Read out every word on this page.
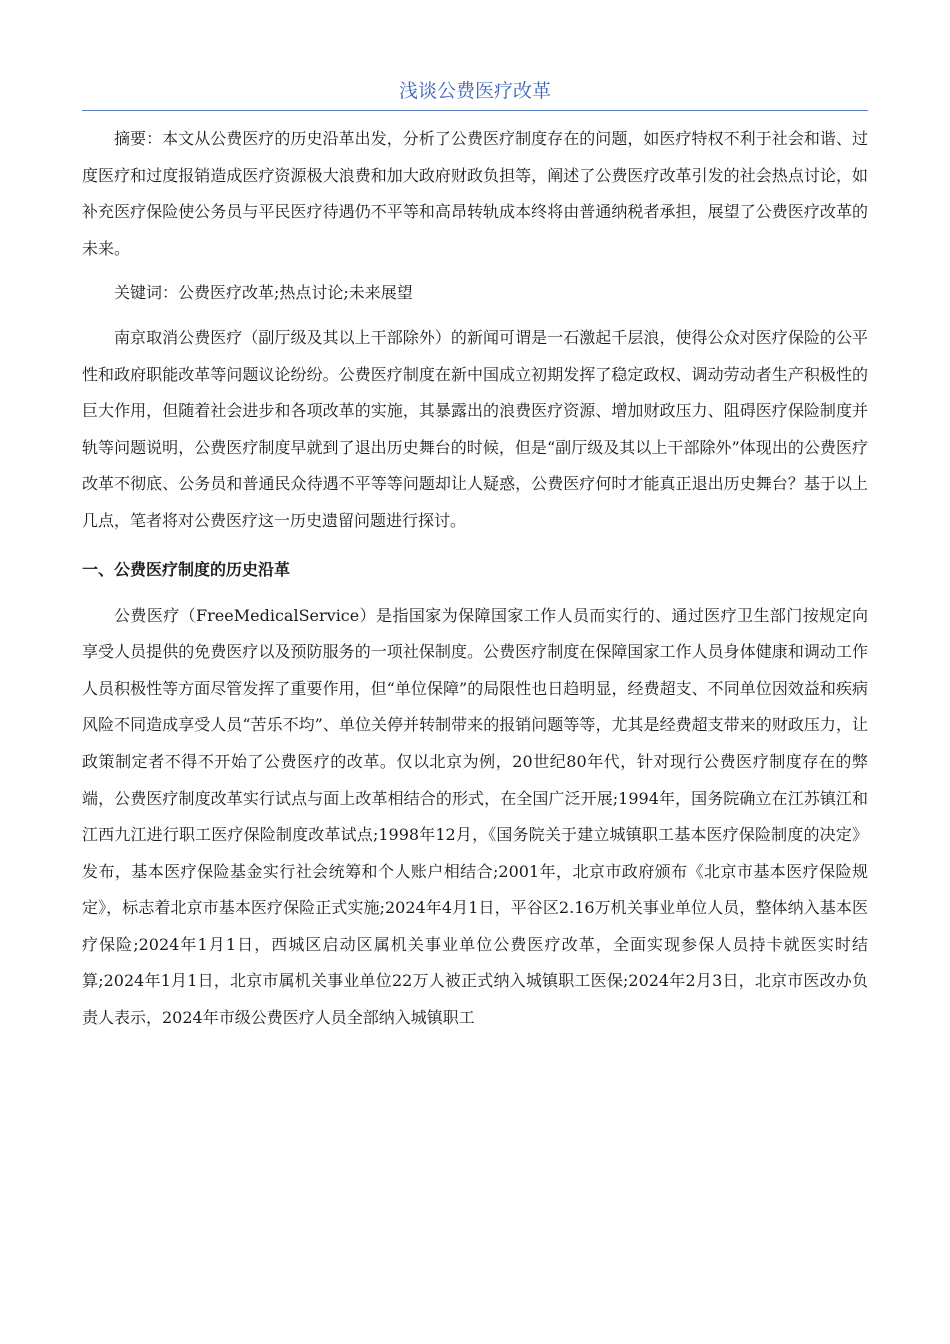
浅谈公费医疗改革

摘要：本文从公费医疗的历史沿革出发，分析了公费医疗制度存在的问题，如医疗特权不利于社会和谐、过度医疗和过度报销造成医疗资源极大浪费和加大政府财政负担等，阐述了公费医疗改革引发的社会热点讨论，如补充医疗保险使公务员与平民医疗待遇仍不平等和高昂转轨成本终将由普通纳税者承担，展望了公费医疗改革的未来。

关键词：公费医疗改革;热点讨论;未来展望

南京取消公费医疗（副厅级及其以上干部除外）的新闻可谓是一石激起千层浪，使得公众对医疗保险的公平性和政府职能改革等问题议论纷纷。公费医疗制度在新中国成立初期发挥了稳定政权、调动劳动者生产积极性的巨大作用，但随着社会进步和各项改革的实施，其暴露出的浪费医疗资源、增加财政压力、阻碍医疗保险制度并轨等问题说明，公费医疗制度早就到了退出历史舞台的时候，但是“副厅级及其以上干部除外”体现出的公费医疗改革不彻底、公务员和普通民众待遇不平等等问题却让人疑惑，公费医疗何时才能真正退出历史舞台？基于以上几点，笔者将对公费医疗这一历史遗留问题进行探讨。

一、公费医疗制度的历史沿革

公费医疗（FreeMedicalService）是指国家为保障国家工作人员而实行的、通过医疗卫生部门按规定向享受人员提供的免费医疗以及预防服务的一项社保制度。公费医疗制度在保障国家工作人员身体健康和调动工作人员积极性等方面尽管发挥了重要作用，但“单位保障”的局限性也日趋明显，经费超支、不同单位因效益和疾病风险不同造成享受人员“苦乐不均”、单位关停并转制带来的报销问题等等，尤其是经费超支带来的财政压力，让政策制定者不得不开始了公费医疗的改革。仅以北京为例，20世纪80年代，针对现行公费医疗制度存在的弊端，公费医疗制度改革实行试点与面上改革相结合的形式，在全国广泛开展;1994年，国务院确立在江苏镇江和江西九江进行职工医疗保险制度改革试点;1998年12月，《国务院关于建立城镇职工基本医疗保险制度的决定》发布，基本医疗保险基金实行社会统筹和个人账户相结合;2001年，北京市政府颁布《北京市基本医疗保险规定》，标志着北京市基本医疗保险正式实施;2024年4月1日，平谷区2.16万机关事业单位人员，整体纳入基本医疗保险;2024年1月1日，西城区启动区属机关事业单位公费医疗改革，全面实现参保人员持卡就医实时结算;2024年1月1日，北京市属机关事业单位22万人被正式纳入城镇职工医保;2024年2月3日，北京市医改办负责人表示，2024年市级公费医疗人员全部纳入城镇职工
